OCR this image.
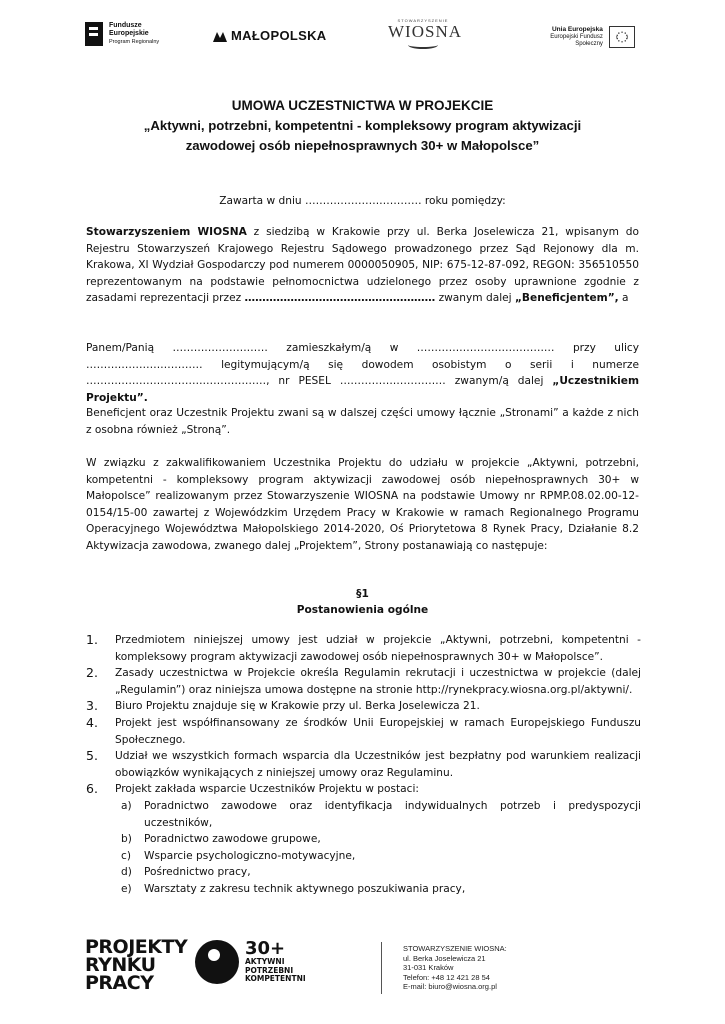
Fundusze
Europejskie
Program Regionalny	MAŁOPOLSKA
STOWARZYSZENIE
WIOSNA	Unia Europejska
Europejski Fundusz Społeczny
UMOWA UCZESTNICTWA W PROJEKCIE
„Aktywni, potrzebni, kompetentni - kompleksowy program aktywizacji
zawodowej osób niepełnosprawnych 30+ w Małopolsce”
Zawarta w dniu …………………………… roku pomiędzy:
Stowarzyszeniem WIOSNA z siedzibą w Krakowie przy ul. Berka Joselewicza 21, wpisanym do Rejestru Stowarzyszeń Krajowego Rejestru Sądowego prowadzonego przez Sąd Rejonowy dla m. Krakowa, XI Wydział Gospodarczy pod numerem 0000050905, NIP: 675-12-87-092, REGON: 356510550 reprezentowanym na podstawie pełnomocnictwa udzielonego przez osoby uprawnione zgodnie z zasadami reprezentacji przez ……………………………………………… zwanym dalej „Beneficjentem”, a
Panem/Panią ……………………… zamieszkałym/ą w ………………………………… przy ulicy …………………………… legitymującym/ą się dowodem osobistym o serii i numerze ……………………………………………, nr PESEL ………………………… zwanym/ą dalej „Uczestnikiem Projektu”.
Beneficjent oraz Uczestnik Projektu zwani są w dalszej części umowy łącznie „Stronami” a każde z nich z osobna również „Stroną”.
W związku z zakwalifikowaniem Uczestnika Projektu do udziału w projekcie „Aktywni, potrzebni, kompetentni - kompleksowy program aktywizacji zawodowej osób niepełnosprawnych 30+ w Małopolsce” realizowanym przez Stowarzyszenie WIOSNA na podstawie Umowy nr RPMP.08.02.00-12-0154/15-00 zawartej z Wojewódzkim Urzędem Pracy w Krakowie w ramach Regionalnego Programu Operacyjnego Województwa Małopolskiego 2014-2020, Oś Priorytetowa 8 Rynek Pracy, Działanie 8.2 Aktywizacja zawodowa, zwanego dalej „Projektem”, Strony postanawiają co następuje:
§1
Postanowienia ogólne
1. Przedmiotem niniejszej umowy jest udział w projekcie „Aktywni, potrzebni, kompetentni - kompleksowy program aktywizacji zawodowej osób niepełnosprawnych 30+ w Małopolsce”.
2. Zasady uczestnictwa w Projekcie określa Regulamin rekrutacji i uczestnictwa w projekcie (dalej „Regulamin”) oraz niniejsza umowa dostępne na stronie http://rynekpracy.wiosna.org.pl/aktywni/.
3. Biuro Projektu znajduje się w Krakowie przy ul. Berka Joselewicza 21.
4. Projekt jest współfinansowany ze środków Unii Europejskiej w ramach Europejskiego Funduszu Społecznego.
5. Udział we wszystkich formach wsparcia dla Uczestników jest bezpłatny pod warunkiem realizacji obowiązków wynikających z niniejszej umowy oraz Regulaminu.
6. Projekt zakłada wsparcie Uczestników Projektu w postaci:
a) Poradnictwo zawodowe oraz identyfikacja indywidualnych potrzeb i predyspozycji uczestników,
b) Poradnictwo zawodowe grupowe,
c) Wsparcie psychologiczno-motywacyjne,
d) Pośrednictwo pracy,
e) Warsztaty z zakresu technik aktywnego poszukiwania pracy,
PROJEKTY
RYNKU
PRACY
30+
AKTYWNI
POTRZEBNI
KOMPETENTNI
STOWARZYSZENIE WIOSNA:
ul. Berka Joselewicza 21
31-031 Kraków
Telefon: +48 12 421 28 54
E-mail: biuro@wiosna.org.pl
